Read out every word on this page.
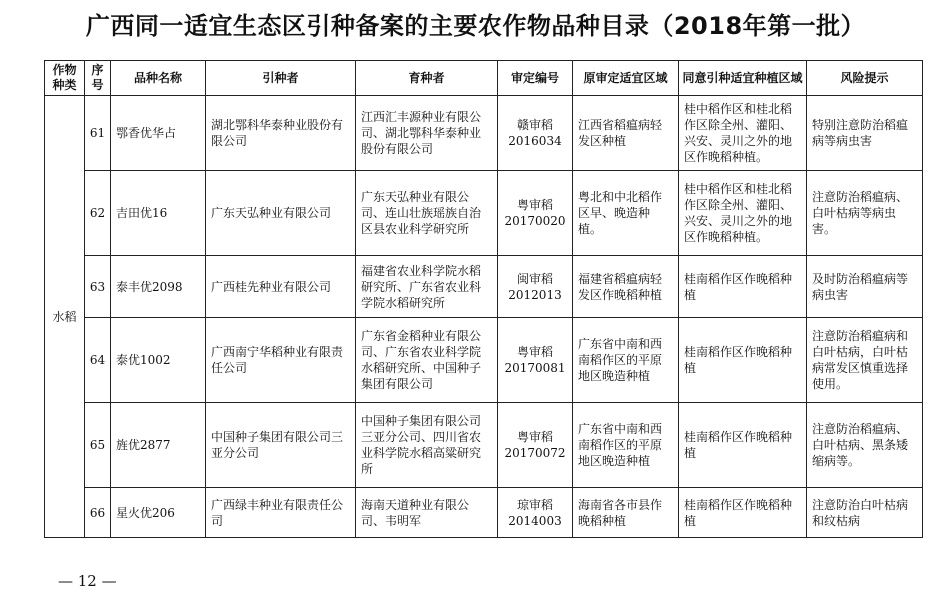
广西同一适宜生态区引种备案的主要农作物品种目录（2018年第一批）
作物种类	序号	品种名称	引种者	育种者	审定编号	原审定适宜区域	同意引种适宜种植区域	风险提示
水稻	61	鄂香优华占	湖北鄂科华泰种业股份有限公司	江西汇丰源种业有限公司、湖北鄂科华泰种业股份有限公司	赣审稻2016034	江西省稻瘟病轻发区种植	桂中稻作区和桂北稻作区除全州、灌阳、兴安、灵川之外的地区作晚稻种植。	特别注意防治稻瘟病等病虫害
	62	吉田优16	广东天弘种业有限公司	广东天弘种业有限公司、连山壮族瑶族自治区县农业科学研究所	粤审稻20170020	粤北和中北稻作区早、晚造种植。	桂中稻作区和桂北稻作区除全州、灌阳、兴安、灵川之外的地区作晚稻种植。	注意防治稻瘟病、白叶枯病等病虫害。
	63	泰丰优2098	广西桂先种业有限公司	福建省农业科学院水稻研究所、广东省农业科学院水稻研究所	闽审稻2012013	福建省稻瘟病轻发区作晚稻种植	桂南稻作区作晚稻种植	及时防治稻瘟病等病虫害
	64	泰优1002	广西南宁华稻种业有限责任公司	广东省金稻种业有限公司、广东省农业科学院水稻研究所、中国种子集团有限公司	粤审稻20170081	广东省中南和西南稻作区的平原地区晚造种植	桂南稻作区作晚稻种植	注意防治稻瘟病和白叶枯病，白叶枯病常发区慎重选择使用。
	65	旌优2877	中国种子集团有限公司三亚分公司	中国种子集团有限公司三亚分公司、四川省农业科学院水稻高粱研究所	粤审稻20170072	广东省中南和西南稻作区的平原地区晚造种植	桂南稻作区作晚稻种植	注意防治稻瘟病、白叶枯病、黑条矮缩病等。
	66	星火优206	广西绿丰种业有限责任公司	海南天道种业有限公司、韦明军	琼审稻2014003	海南省各市县作晚稻种植	桂南稻作区作晚稻种植	注意防治白叶枯病和纹枯病
— 12 —
